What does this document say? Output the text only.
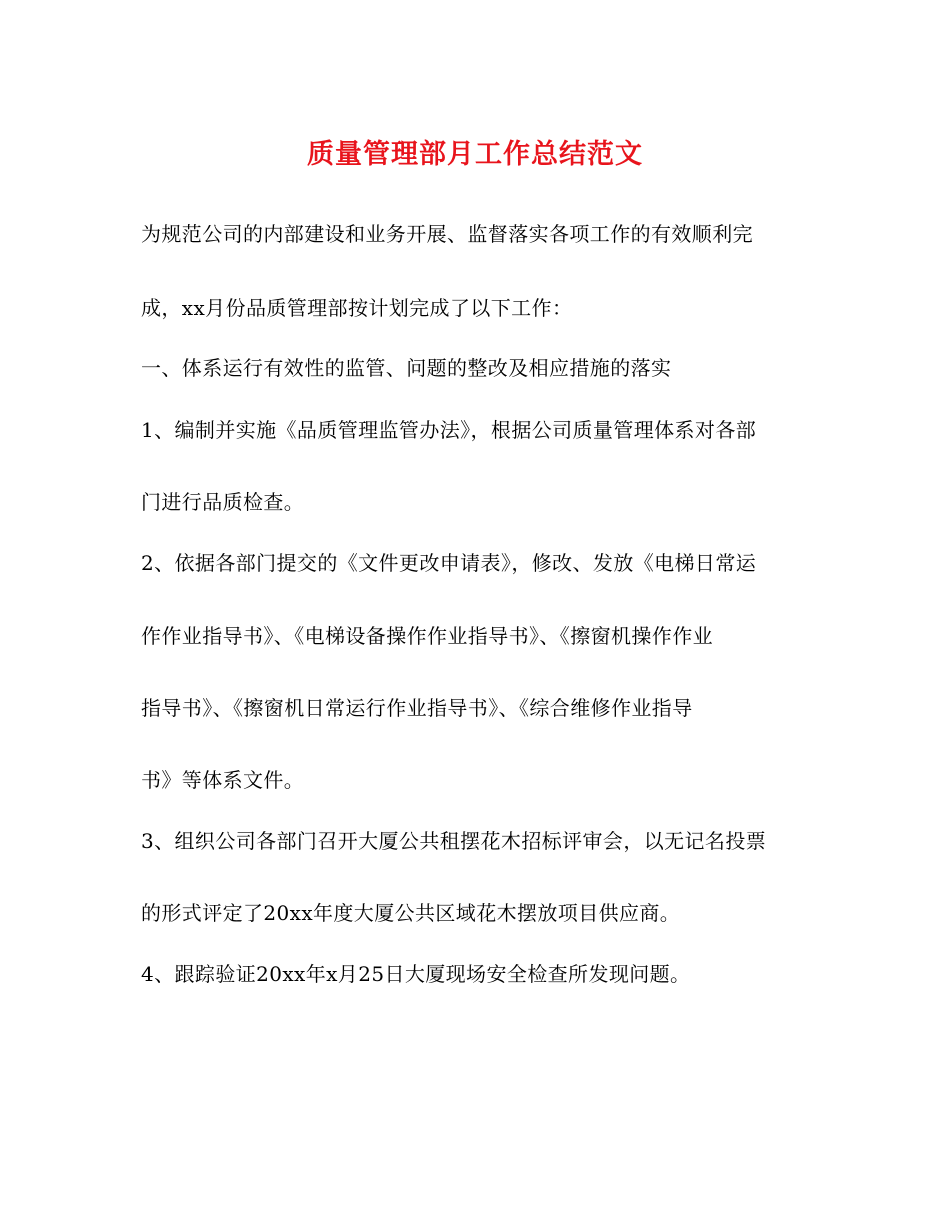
质量管理部月工作总结范文
为规范公司的内部建设和业务开展、监督落实各项工作的有效顺利完
成，xx月份品质管理部按计划完成了以下工作：
一、体系运行有效性的监管、问题的整改及相应措施的落实
1、编制并实施《品质管理监管办法》，根据公司质量管理体系对各部
门进行品质检查。
2、依据各部门提交的《文件更改申请表》，修改、发放《电梯日常运
作作业指导书》、《电梯设备操作作业指导书》、《擦窗机操作作业
指导书》、《擦窗机日常运行作业指导书》、《综合维修作业指导
书》等体系文件。
3、组织公司各部门召开大厦公共租摆花木招标评审会，以无记名投票
的形式评定了20xx年度大厦公共区域花木摆放项目供应商。
4、跟踪验证20xx年x月25日大厦现场安全检查所发现问题。
